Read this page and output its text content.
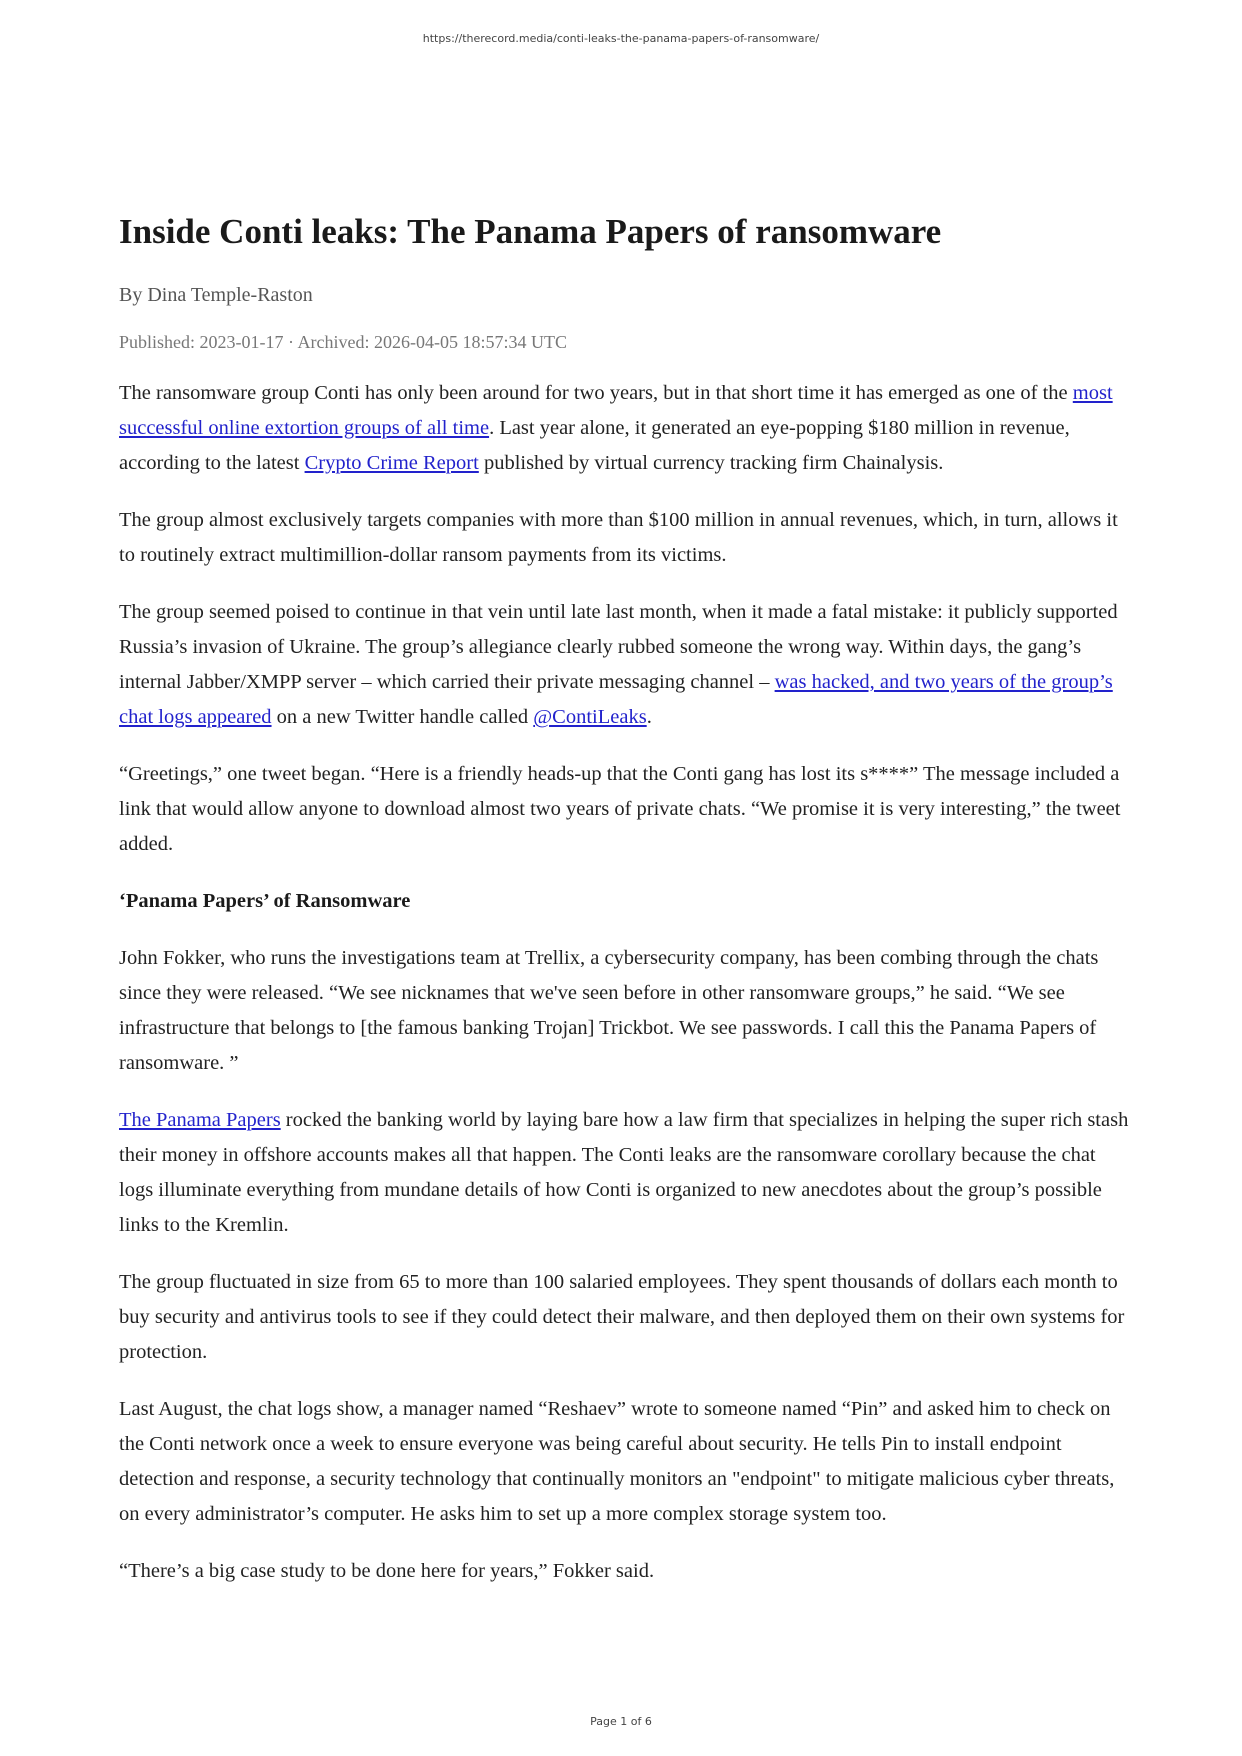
https://therecord.media/conti-leaks-the-panama-papers-of-ransomware/
Inside Conti leaks: The Panama Papers of ransomware
By Dina Temple-Raston
Published: 2023-01-17 · Archived: 2026-04-05 18:57:34 UTC

The ransomware group Conti has only been around for two years, but in that short time it has emerged as one of the most successful online extortion groups of all time. Last year alone, it generated an eye-popping $180 million in revenue, according to the latest Crypto Crime Report published by virtual currency tracking firm Chainalysis.

The group almost exclusively targets companies with more than $100 million in annual revenues, which, in turn, allows it to routinely extract multimillion-dollar ransom payments from its victims.

The group seemed poised to continue in that vein until late last month, when it made a fatal mistake: it publicly supported Russia’s invasion of Ukraine. The group’s allegiance clearly rubbed someone the wrong way. Within days, the gang’s internal Jabber/XMPP server – which carried their private messaging channel – was hacked, and two years of the group’s chat logs appeared on a new Twitter handle called @ContiLeaks.

“Greetings,” one tweet began. “Here is a friendly heads-up that the Conti gang has lost its s****” The message included a link that would allow anyone to download almost two years of private chats. “We promise it is very interesting,” the tweet added.

‘Panama Papers’ of Ransomware

John Fokker, who runs the investigations team at Trellix, a cybersecurity company, has been combing through the chats since they were released. “We see nicknames that we've seen before in other ransomware groups,” he said. “We see infrastructure that belongs to [the famous banking Trojan] Trickbot. We see passwords. I call this the Panama Papers of ransomware. ”

The Panama Papers rocked the banking world by laying bare how a law firm that specializes in helping the super rich stash their money in offshore accounts makes all that happen. The Conti leaks are the ransomware corollary because the chat logs illuminate everything from mundane details of how Conti is organized to new anecdotes about the group’s possible links to the Kremlin.

The group fluctuated in size from 65 to more than 100 salaried employees. They spent thousands of dollars each month to buy security and antivirus tools to see if they could detect their malware, and then deployed them on their own systems for protection.

Last August, the chat logs show, a manager named “Reshaev” wrote to someone named “Pin” and asked him to check on the Conti network once a week to ensure everyone was being careful about security. He tells Pin to install endpoint detection and response, a security technology that continually monitors an "endpoint" to mitigate malicious cyber threats, on every administrator’s computer. He asks him to set up a more complex storage system too.

“There’s a big case study to be done here for years,” Fokker said.

Page 1 of 6
